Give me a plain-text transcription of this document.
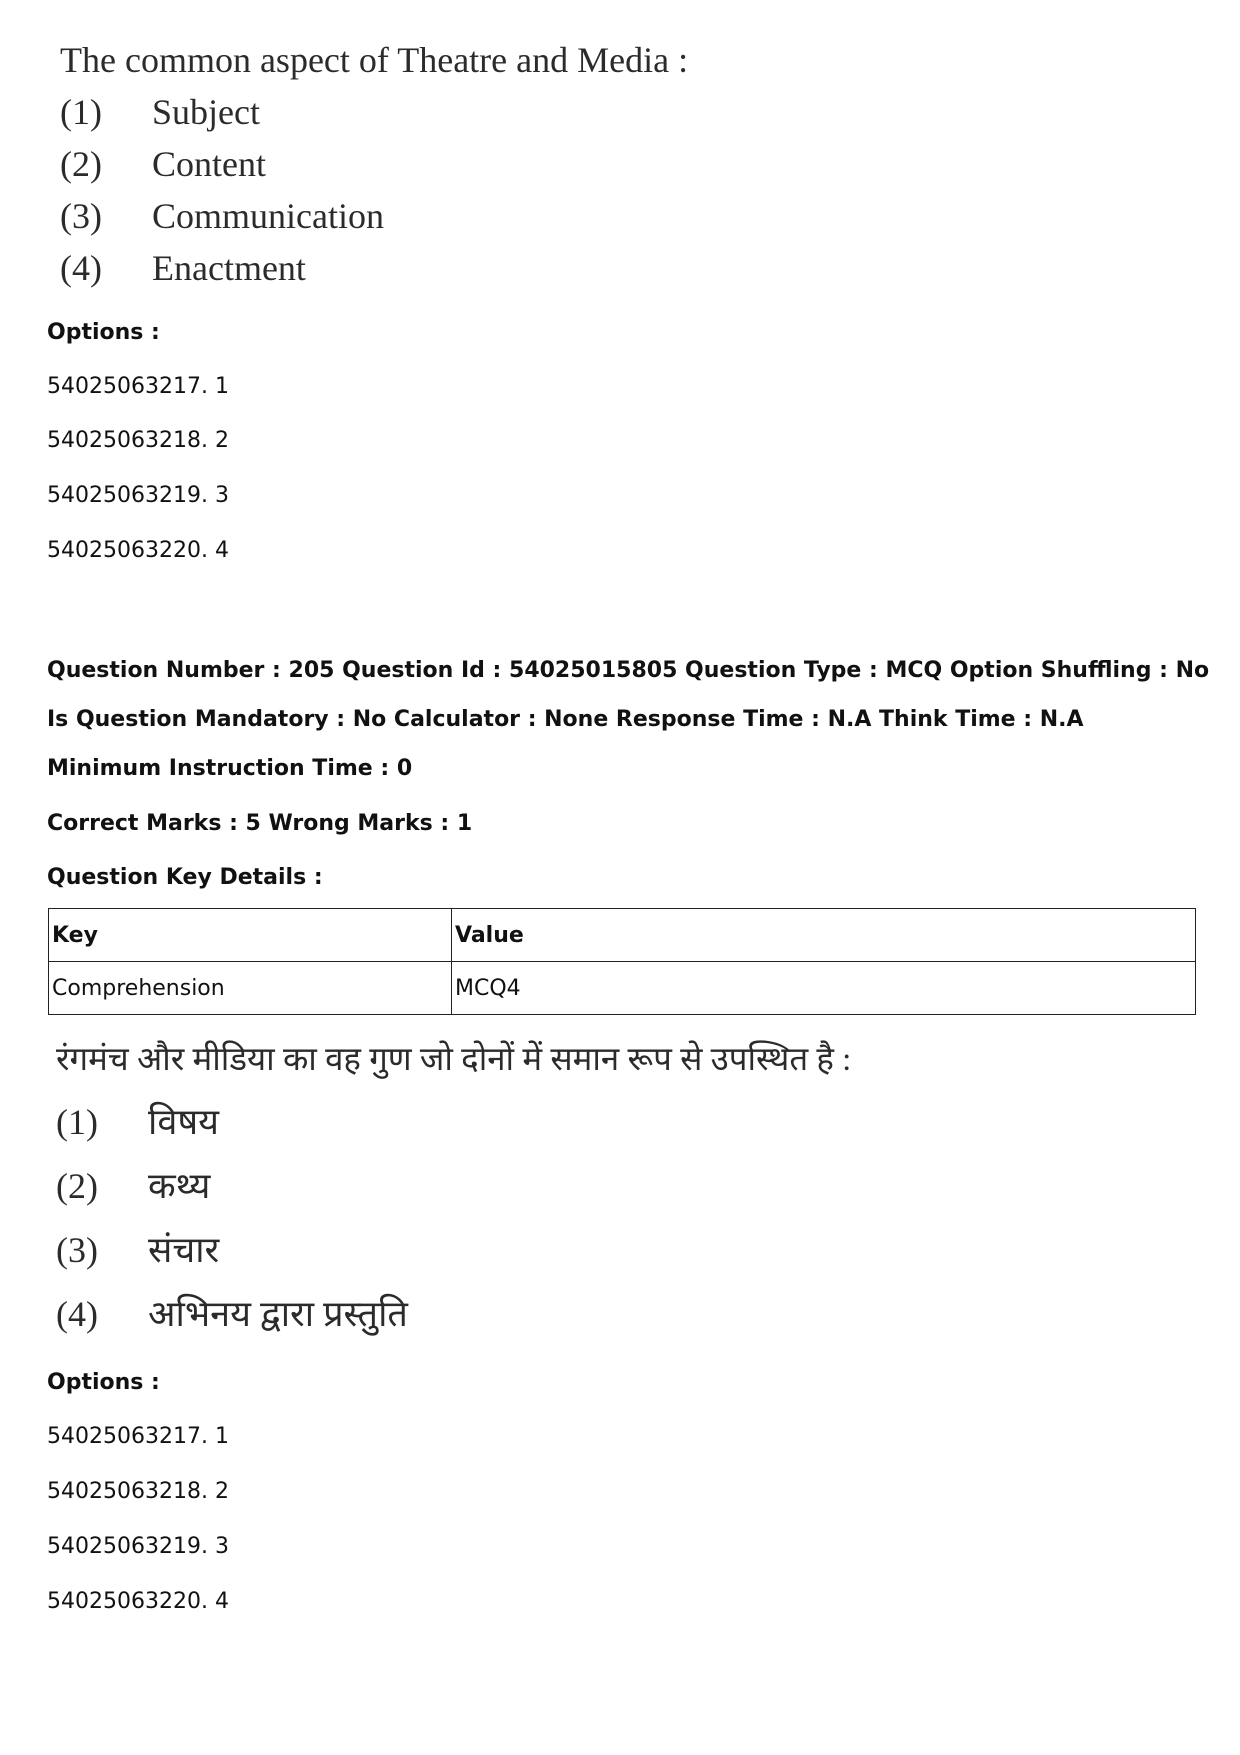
The common aspect of Theatre and Media :
(1)	Subject
(2)	Content
(3)	Communication
(4)	Enactment
Options :
54025063217. 1
54025063218. 2
54025063219. 3
54025063220. 4
Question Number : 205 Question Id : 54025015805 Question Type : MCQ Option Shuffling : No
Is Question Mandatory : No Calculator : None Response Time : N.A Think Time : N.A
Minimum Instruction Time : 0
Correct Marks : 5 Wrong Marks : 1
Question Key Details :
Key	Value
Comprehension	MCQ4
रंगमंच और मीडिया का वह गुण जो दोनों में समान रूप से उपस्थित है :
(1)	विषय
(2)	कथ्य
(3)	संचार
(4)	अभिनय द्वारा प्रस्तुति
Options :
54025063217. 1
54025063218. 2
54025063219. 3
54025063220. 4
